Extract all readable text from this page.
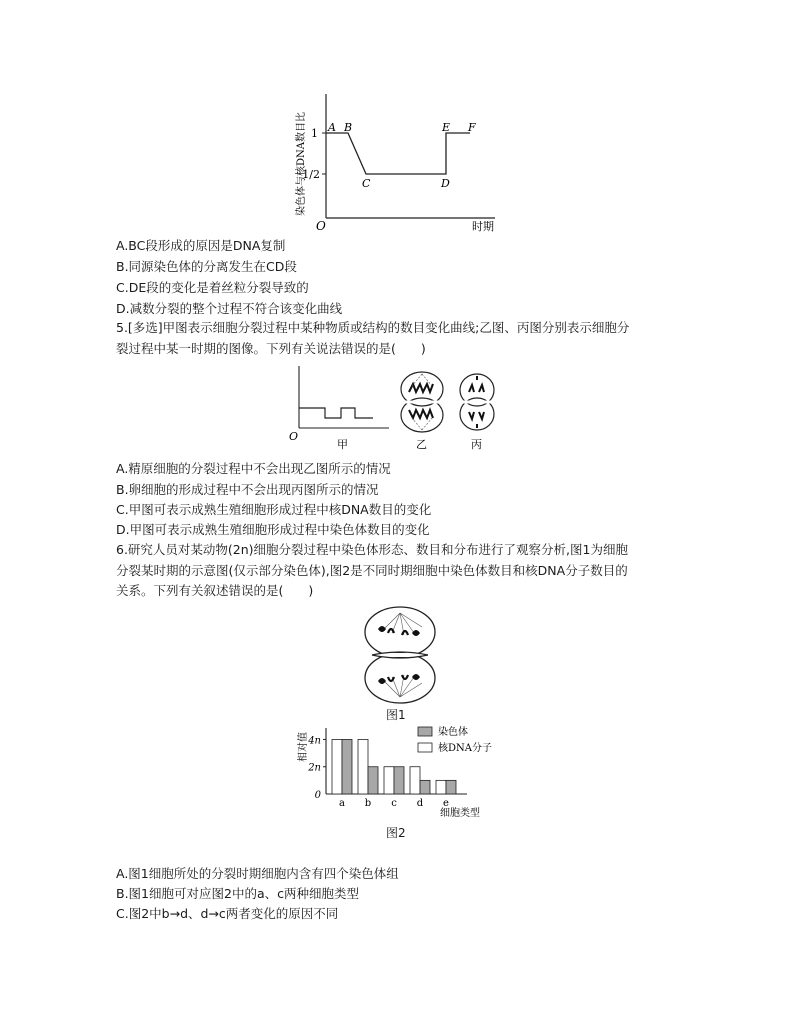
1
1/2
O	时期
A B
C	D
E F
染色体与核DNA数目比
A.BC段形成的原因是DNA复制
B.同源染色体的分离发生在CD段
C.DE段的变化是着丝粒分裂导致的
D.减数分裂的整个过程不符合该变化曲线
5.[多选]甲图表示细胞分裂过程中某种物质或结构的数目变化曲线;乙图、丙图分别表示细胞分
裂过程中某一时期的图像。下列有关说法错误的是(　　)
O
甲	乙	丙
A.精原细胞的分裂过程中不会出现乙图所示的情况
B.卵细胞的形成过程中不会出现丙图所示的情况
C.甲图可表示成熟生殖细胞形成过程中核DNA数目的变化
D.甲图可表示成熟生殖细胞形成过程中染色体数目的变化
6.研究人员对某动物(2n)细胞分裂过程中染色体形态、数目和分布进行了观察分析,图1为细胞
分裂某时期的示意图(仅示部分染色体),图2是不同时期细胞中染色体数目和核DNA分子数目的
关系。下列有关叙述错误的是(　　)
图1
相对值 4n
2n
0
a b c d e
染色体
核DNA分子
细胞类型
图2
A.图1细胞所处的分裂时期细胞内含有四个染色体组
B.图1细胞可对应图2中的a、c两种细胞类型
C.图2中b→d、d→c两者变化的原因不同
